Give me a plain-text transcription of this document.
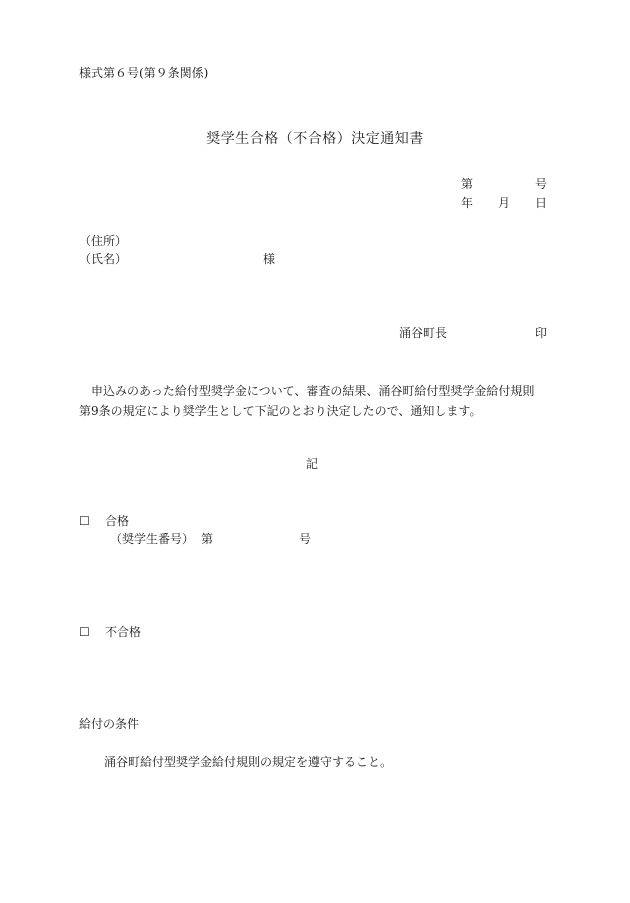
様式第６号(第９条関係)
奨学生合格（不合格）決定通知書
第	号
年 月 日
（住所）
（氏名）	様
涌谷町長	印
申込みのあった給付型奨学金について、審査の結果、涌谷町給付型奨学金給付規則
第9条の規定により奨学生として下記のとおり決定したので、通知します。
記
☐ 合格
（奨学生番号） 第	号
☐ 不合格
給付の条件
涌谷町給付型奨学金給付規則の規定を遵守すること。
